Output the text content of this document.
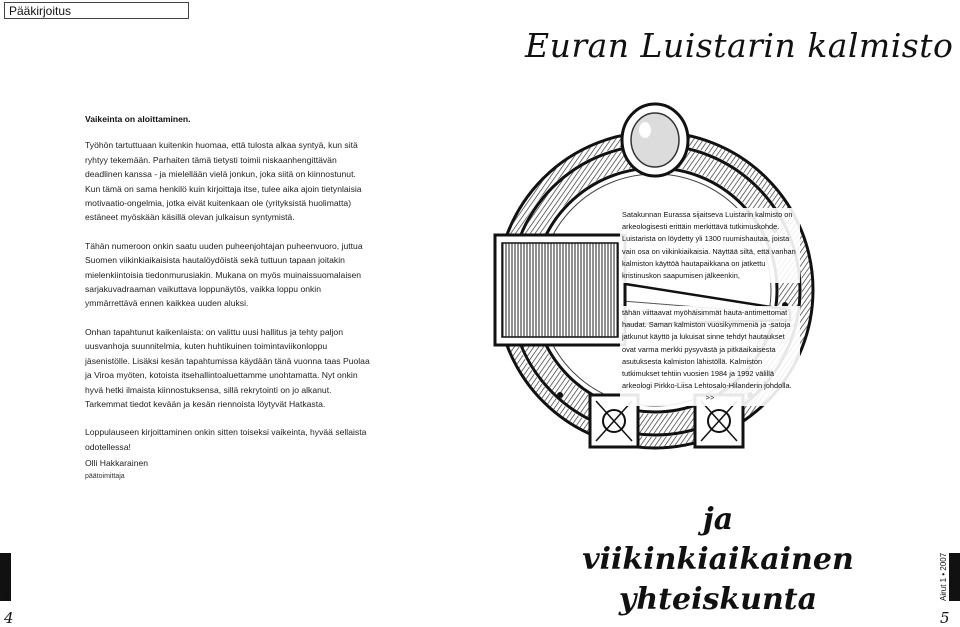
Pääkirjoitus
Euran Luistarin kalmisto

Vaikeinta on aloittaminen.

Työhön tartuttuaan kuitenkin huomaa, että tulosta alkaa syntyä, kun sitä ryhtyy tekemään. Parhaiten tämä tietysti toimii niskaanhengittävän deadlinen kanssa - ja mielellään vielä jonkun, joka siitä on kiinnostunut. Kun tämä on sama henkilö kuin kirjoittaja itse, tulee aika ajoin tietynlaisia motivaatio-ongelmia, jotka eivät kuitenkaan ole (yrityksistä huolimatta) estäneet myöskään käsillä olevan julkaisun syntymistä.

Tähän numeroon onkin saatu uuden puheenjohtajan puheenvuoro, juttua Suomen viikinkiaikaisista hautalöydöistä sekä tuttuun tapaan joitakin mielenkiintoisia tiedonmurusiakin. Mukana on myös muinaissuomalaisen sarjakuvadraaman vaikuttava loppunäytös, vaikka loppu onkin ymmärrettävä ennen kaikkea uuden aluksi.

Onhan tapahtunut kaikenlaista: on valittu uusi hallitus ja tehty paljon uusvanhoja suunnitelmia, kuten huhtikuinen toimintaviikonloppu jäsenistölle. Lisäksi kesän tapahtumissa käydään tänä vuonna taas Puolaa ja Viroa myöten, kotoista itsehallintoaluettamme unohtamatta. Nyt onkin hyvä hetki ilmaista kiinnostuksensa, sillä rekrytointi on jo alkanut. Tarkemmat tiedot kevään ja kesän riennoista löytyvät Hatkasta.

Loppulauseen kirjoittaminen onkin sitten toiseksi vaikeinta, hyvää sellaista odotellessa!

Olli Hakkarainen
päätoimittaja

Satakunnan Eurassa sijaitseva Luistarin kalmisto on arkeologisesti erittäin merkittävä tutkimuskohde. Luistarista on löydetty yli 1300 ruumishautaa, joista vain osa on viikinkiaikaisia. Näyttää siltä, että vanhan kalmiston käyttöä hautapaikkana on jatkettu kristinuskon saapumisen jälkeenkin,

tähän viittaavat myöhäisimmät hauta-antimettomat haudat. Saman kalmiston vuosikymmeniä ja -satoja jatkunut käyttö ja lukuisat sinne tehdyt hautaukset ovat varma merkki pysyvästä ja pitkäaikaisesta asutuksesta kalmiston lähistöllä. Kalmiston tutkimukset tehtiin vuosien 1984 ja 1992 välillä arkeologi Pirkko-Liisa Lehtosalo-Hilanderin johdolla.

>>

ja viikinkiaikainen
yhteiskunta
Airut 1 • 2007	Airut 1 • 2007
4	5
